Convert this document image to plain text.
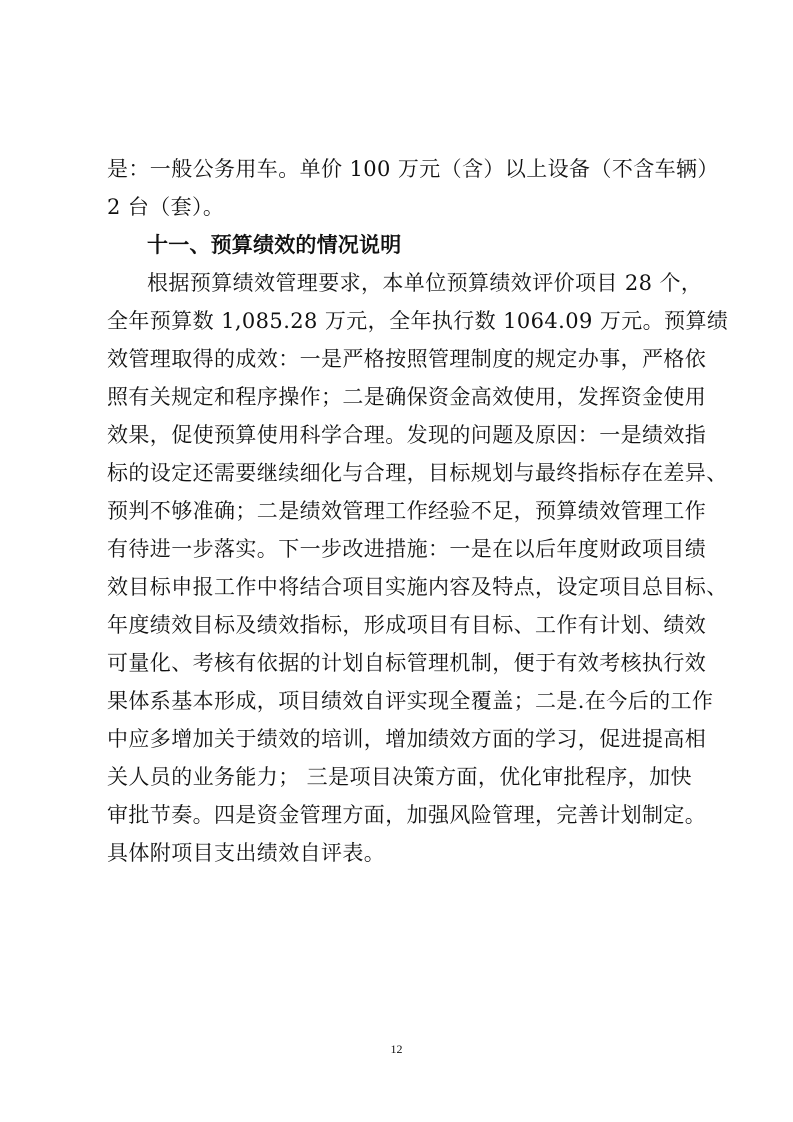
是：一般公务用车。单价 100 万元（含）以上设备（不含车辆）
2 台（套）。
十一、预算绩效的情况说明
根据预算绩效管理要求，本单位预算绩效评价项目 28 个，
全年预算数 1,085.28 万元，全年执行数 1064.09 万元。预算绩
效管理取得的成效：一是严格按照管理制度的规定办事，严格依
照有关规定和程序操作；二是确保资金高效使用，发挥资金使用
效果，促使预算使用科学合理。发现的问题及原因：一是绩效指
标的设定还需要继续细化与合理，目标规划与最终指标存在差异、
预判不够准确；二是绩效管理工作经验不足，预算绩效管理工作
有待进一步落实。下一步改进措施：一是在以后年度财政项目绩
效目标申报工作中将结合项目实施内容及特点，设定项目总目标、
年度绩效目标及绩效指标，形成项目有目标、工作有计划、绩效
可量化、考核有依据的计划自标管理机制，便于有效考核执行效
果体系基本形成，项目绩效自评实现全覆盖；二是.在今后的工作
中应多增加关于绩效的培训，增加绩效方面的学习，促进提高相
关人员的业务能力； 三是项目决策方面，优化审批程序，加快
审批节奏。四是资金管理方面，加强风险管理，完善计划制定。
具体附项目支出绩效自评表。
12
